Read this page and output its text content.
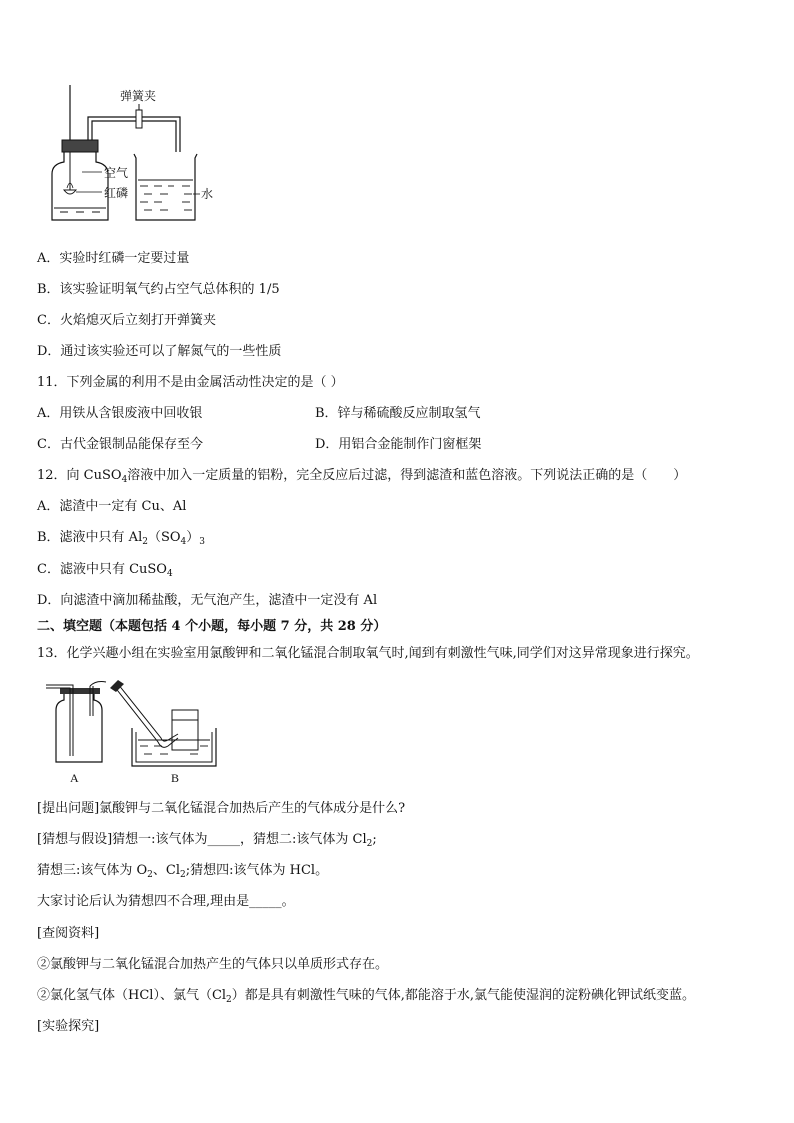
弹簧夹
空气
红磷	水
A．实验时红磷一定要过量
B．该实验证明氧气约占空气总体积的 1/5
C．火焰熄灭后立刻打开弹簧夹
D．通过该实验还可以了解氮气的一些性质
11．下列金属的利用不是由金属活动性决定的是（ ）
A．用铁从含银废液中回收银	B．锌与稀硫酸反应制取氢气
C．古代金银制品能保存至今	D．用铝合金能制作门窗框架
12．向 CuSO$_4$溶液中加入一定质量的铝粉，完全反应后过滤，得到滤渣和蓝色溶液。下列说法正确的是（　　）
A．滤渣中一定有 Cu、Al
B．滤液中只有 $Al_2(SO_4)_3$
C．滤液中只有 CuSO$_4$
D．向滤渣中滴加稀盐酸，无气泡产生，滤渣中一定没有 Al
二、填空题（本题包括 4 个小题，每小题 7 分，共 28 分）
13．化学兴趣小组在实验室用氯酸钾和二氧化锰混合制取氧气时,闻到有刺激性气味,同学们对这异常现象进行探究。
A	B
[提出问题]氯酸钾与二氧化锰混合加热后产生的气体成分是什么?
[猜想与假设]猜想一:该气体为_____，猜想二:该气体为 $Cl_2$;
猜想三:该气体为 $O_2$、$Cl_2$;猜想四:该气体为 HCl。
大家讨论后认为猜想四不合理,理由是_____。
[查阅资料]
②氯酸钾与二氧化锰混合加热产生的气体只以单质形式存在。
②氯化氢气体（HCl）、氯气$(Cl_2)$都是具有刺激性气味的气体,都能溶于水,氯气能使湿润的淀粉碘化钾试纸变蓝。
[实验探究]
